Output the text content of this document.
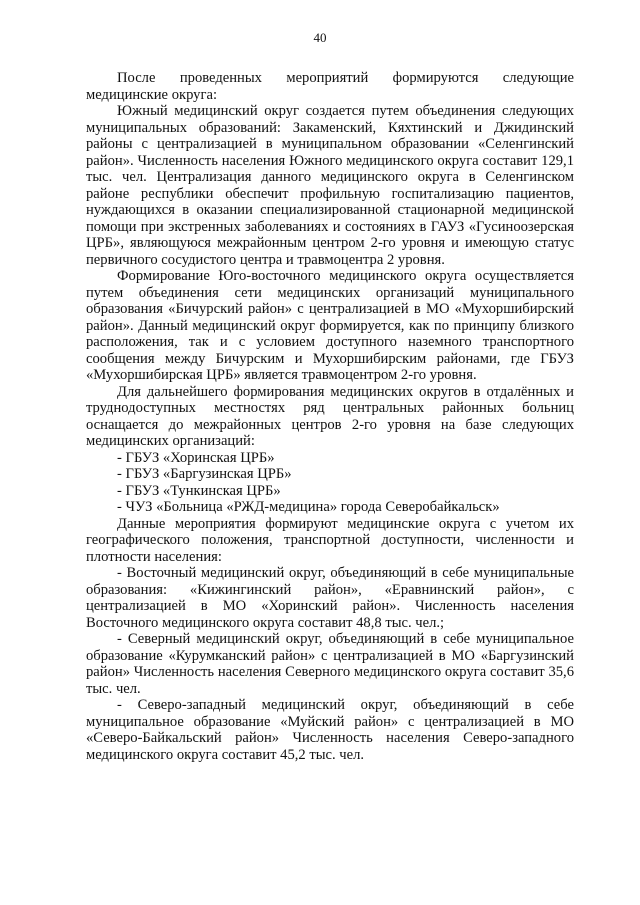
40

После проведенных мероприятий формируются следующие медицинские округа:

Южный медицинский округ создается путем объединения следующих муниципальных образований: Закаменский, Кяхтинский и Джидинский районы с централизацией в муниципальном образовании «Селенгинский район». Численность населения Южного медицинского округа составит 129,1 тыс. чел. Централизация данного медицинского округа в Селенгинском районе республики обеспечит профильную госпитализацию пациентов, нуждающихся в оказании специализированной стационарной медицинской помощи при экстренных заболеваниях и состояниях в ГАУЗ «Гусиноозерская ЦРБ», являющуюся межрайонным центром 2-го уровня и имеющую статус первичного сосудистого центра и травмоцентра 2 уровня.

Формирование Юго-восточного медицинского округа осуществляется путем объединения сети медицинских организаций муниципального образования «Бичурский район» с централизацией в МО «Мухоршибирский район». Данный медицинский округ формируется, как по принципу близкого расположения, так и с условием доступного наземного транспортного сообщения между Бичурским и Мухоршибирским районами, где ГБУЗ «Мухоршибирская ЦРБ» является травмоцентром 2-го уровня.

Для дальнейшего формирования медицинских округов в отдалённых и труднодоступных местностях ряд центральных районных больниц оснащается до межрайонных центров 2-го уровня на базе следующих медицинских организаций:

- ГБУЗ «Хоринская ЦРБ»

- ГБУЗ «Баргузинская ЦРБ»

- ГБУЗ «Тункинская ЦРБ»

- ЧУЗ «Больница «РЖД-медицина» города Северобайкальск»

Данные мероприятия формируют медицинские округа с учетом их географического положения, транспортной доступности, численности и плотности населения:

- Восточный медицинский округ, объединяющий в себе муниципальные образования: «Кижингинский район», «Еравнинский район», с централизацией в МО «Хоринский район». Численность населения Восточного медицинского округа составит 48,8 тыс. чел.;

- Северный медицинский округ, объединяющий в себе муниципальное образование «Курумканский район» с централизацией в МО «Баргузинский район» Численность населения Северного медицинского округа составит 35,6 тыс. чел.

- Северо-западный медицинский округ, объединяющий в себе муниципальное образование «Муйский район» с централизацией в МО «Северо-Байкальский район» Численность населения Северо-западного медицинского округа составит 45,2 тыс. чел.
